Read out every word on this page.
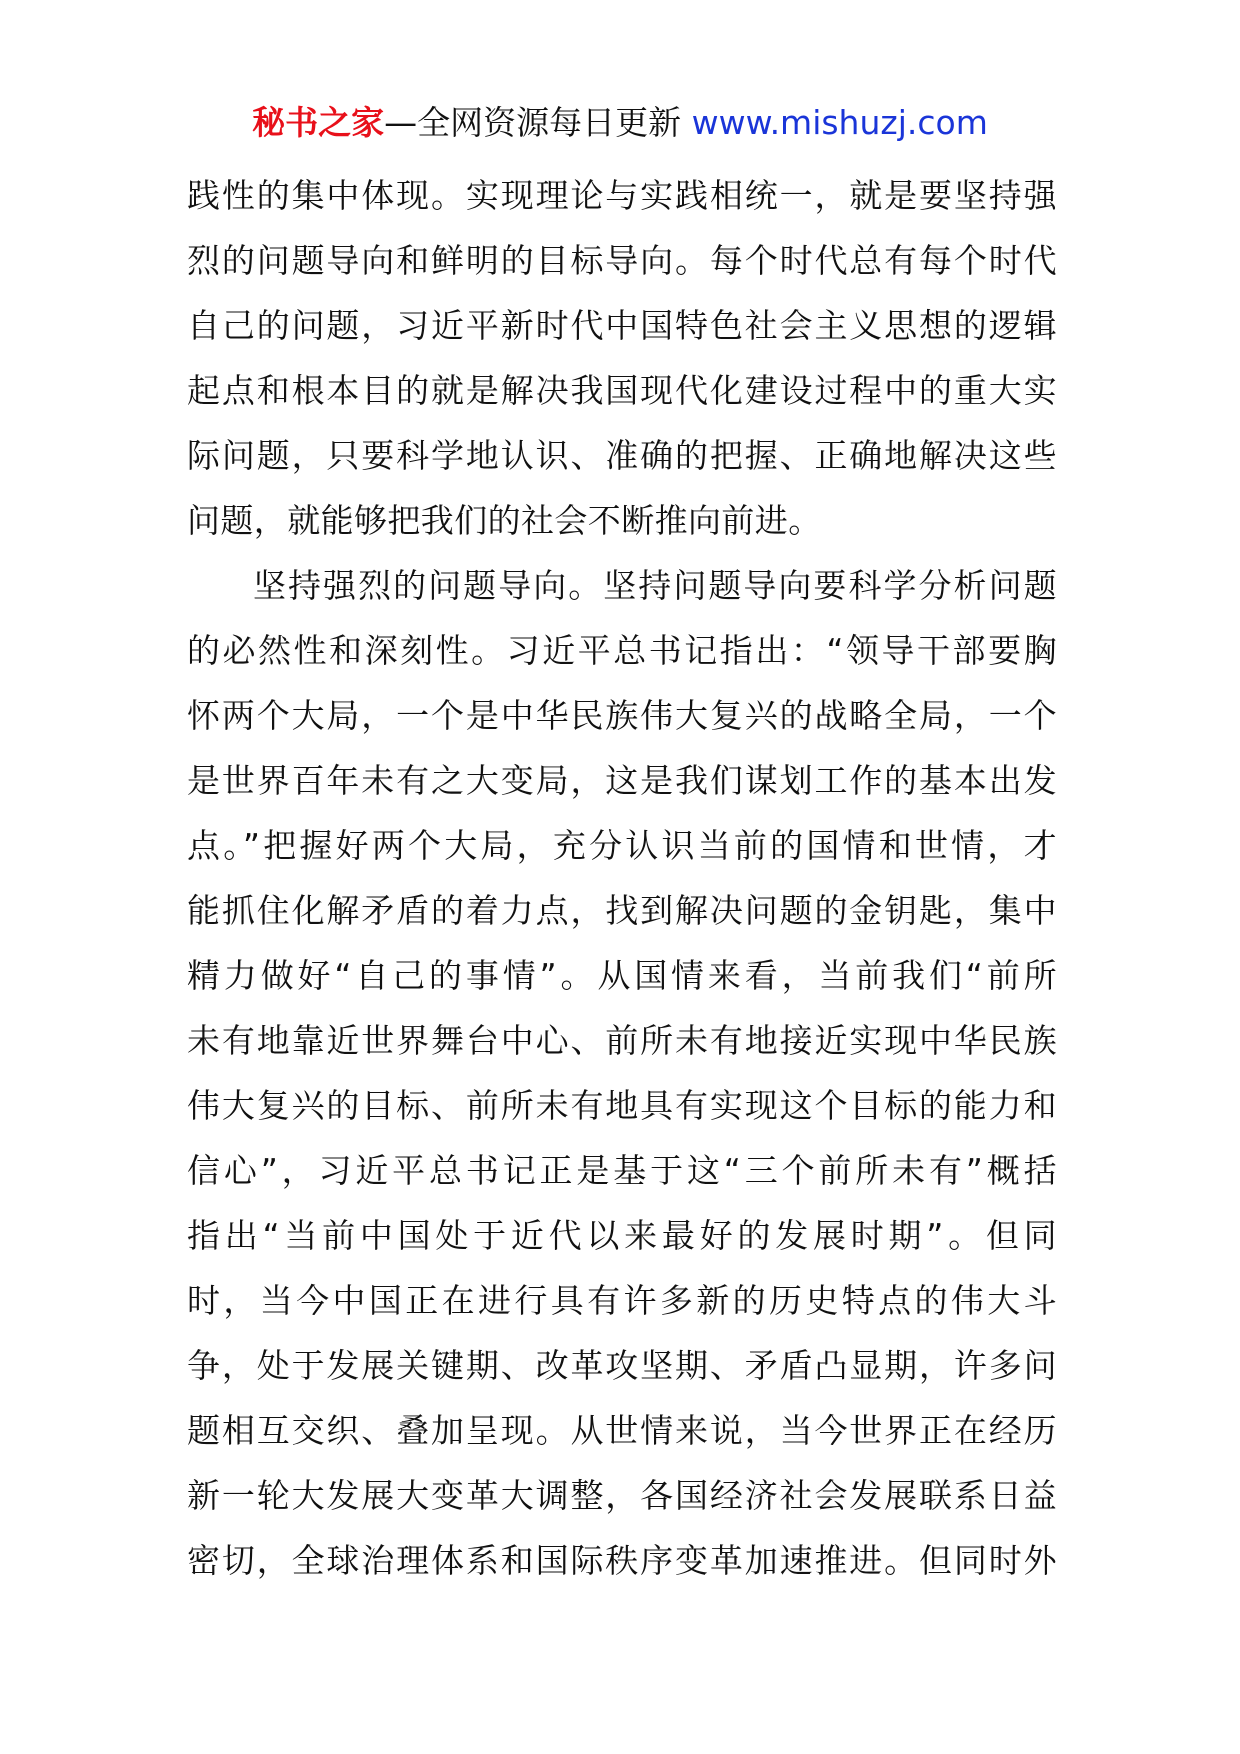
秘书之家—全网资源每日更新 www.mishuzj.com
践性的集中体现。实现理论与实践相统一，就是要坚持强
烈的问题导向和鲜明的目标导向。每个时代总有每个时代
自己的问题，习近平新时代中国特色社会主义思想的逻辑
起点和根本目的就是解决我国现代化建设过程中的重大实
际问题，只要科学地认识、准确的把握、正确地解决这些
问题，就能够把我们的社会不断推向前进。
坚持强烈的问题导向。坚持问题导向要科学分析问题
的必然性和深刻性。习近平总书记指出：“领导干部要胸
怀两个大局，一个是中华民族伟大复兴的战略全局，一个
是世界百年未有之大变局，这是我们谋划工作的基本出发
点。”把握好两个大局，充分认识当前的国情和世情，才
能抓住化解矛盾的着力点，找到解决问题的金钥匙，集中
精力做好“自己的事情”。从国情来看，当前我们“前所
未有地靠近世界舞台中心、前所未有地接近实现中华民族
伟大复兴的目标、前所未有地具有实现这个目标的能力和
信心”，习近平总书记正是基于这“三个前所未有”概括
指出“当前中国处于近代以来最好的发展时期”。但同
时，当今中国正在进行具有许多新的历史特点的伟大斗
争，处于发展关键期、改革攻坚期、矛盾凸显期，许多问
题相互交织、叠加呈现。从世情来说，当今世界正在经历
新一轮大发展大变革大调整，各国经济社会发展联系日益
密切，全球治理体系和国际秩序变革加速推进。但同时外
